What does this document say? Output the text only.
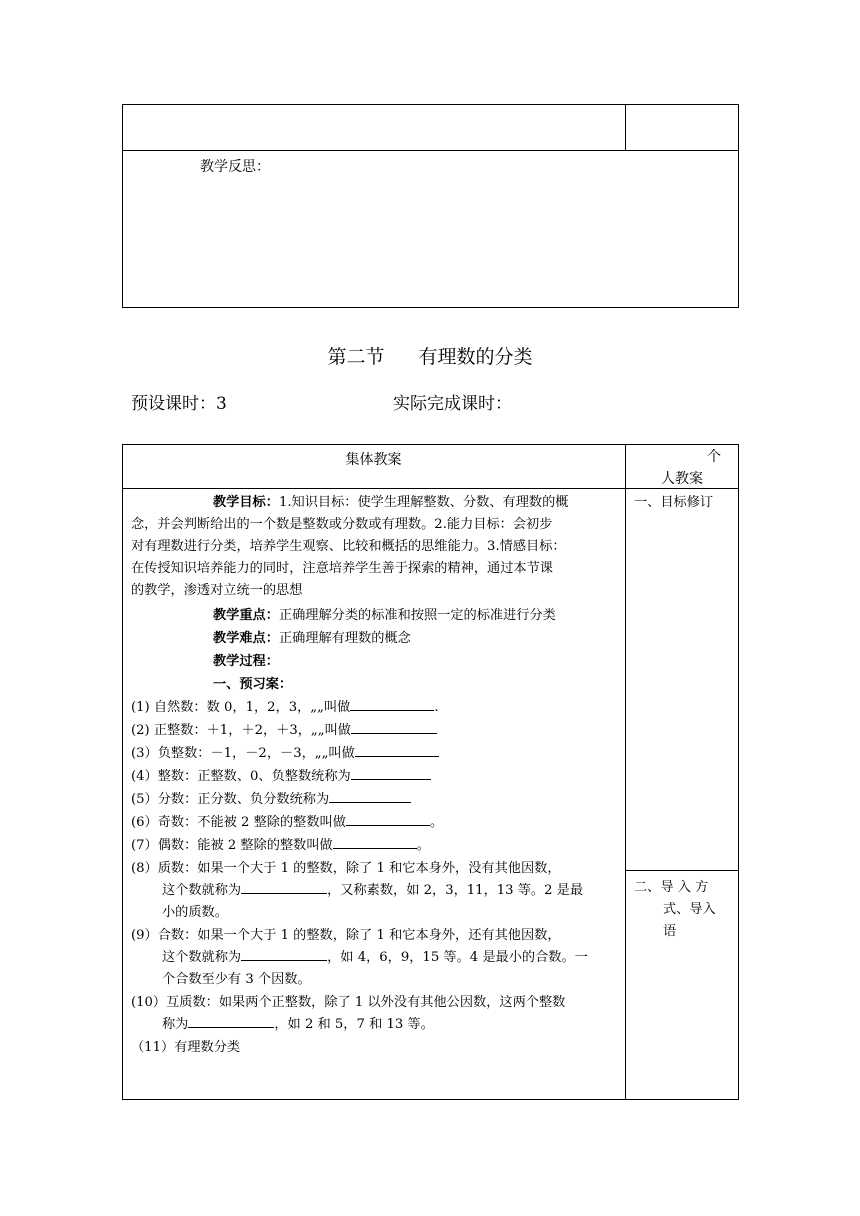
教学反思：
第二节 有理数的分类
预设课时：3	实际完成课时：
集体教案	个
人教案
教学目标：1.知识目标：使学生理解整数、分数、有理数的概
念，并会判断给出的一个数是整数或分数或有理数。2.能力目标：会初步
对有理数进行分类，培养学生观察、比较和概括的思维能力。3.情感目标：
在传授知识培养能力的同时，注意培养学生善于探索的精神，通过本节课
的教学，渗透对立统一的思想
教学重点：正确理解分类的标准和按照一定的标准进行分类
教学难点：正确理解有理数的概念
教学过程：
一、预习案：
(1) 自然数：数 0，1，2，3，„„叫做	.
(2) 正整数：＋1，＋2，＋3，„„叫做
(3）负整数：－1，－2，－3，„„叫做
(4）整数：正整数、0、负整数统称为
(5）分数：正分数、负分数统称为
(6）奇数：不能被 2 整除的整数叫做	。
(7）偶数：能被 2 整除的整数叫做	。
(8）质数：如果一个大于 1 的整数，除了 1 和它本身外，没有其他因数，
这个数就称为	，又称素数，如 2，3，11，13 等。2 是最
小的质数。
(9）合数：如果一个大于 1 的整数，除了 1 和它本身外，还有其他因数，
这个数就称为	，如 4，6，9，15 等。4 是最小的合数。一
个合数至少有 3 个因数。
(10）互质数：如果两个正整数，除了 1 以外没有其他公因数，这两个整数
称为	，如 2 和 5，7 和 13 等。
（11）有理数分类
一、目标修订
二、导 入 方
式、导入
语
